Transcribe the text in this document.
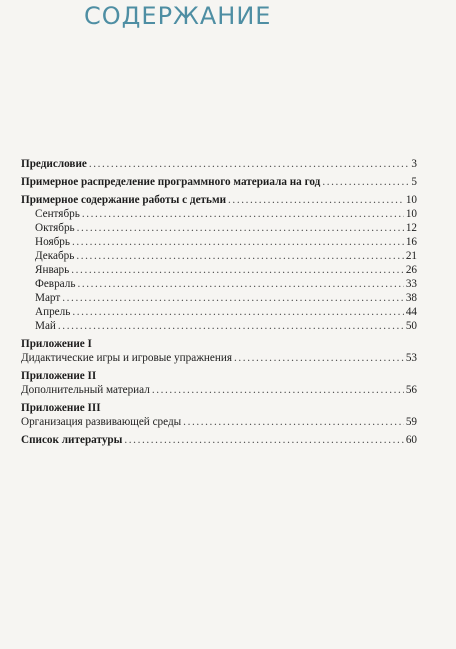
СОДЕРЖАНИЕ
Предисловие .....	3
Примерное распределение программного материала на год .....	5
Примерное содержание работы с детьми .....	10
Сентябрь .....	10
Октябрь .....	12
Ноябрь .....	16
Декабрь .....	21
Январь .....	26
Февраль .....	33
Март .....	38
Апрель .....	44
Май .....	50
Приложение I
Дидактические игры и игровые упражнения .....	53
Приложение II
Дополнительный материал .....	56
Приложение III
Организация развивающей среды .....	59
Список литературы .....	60
